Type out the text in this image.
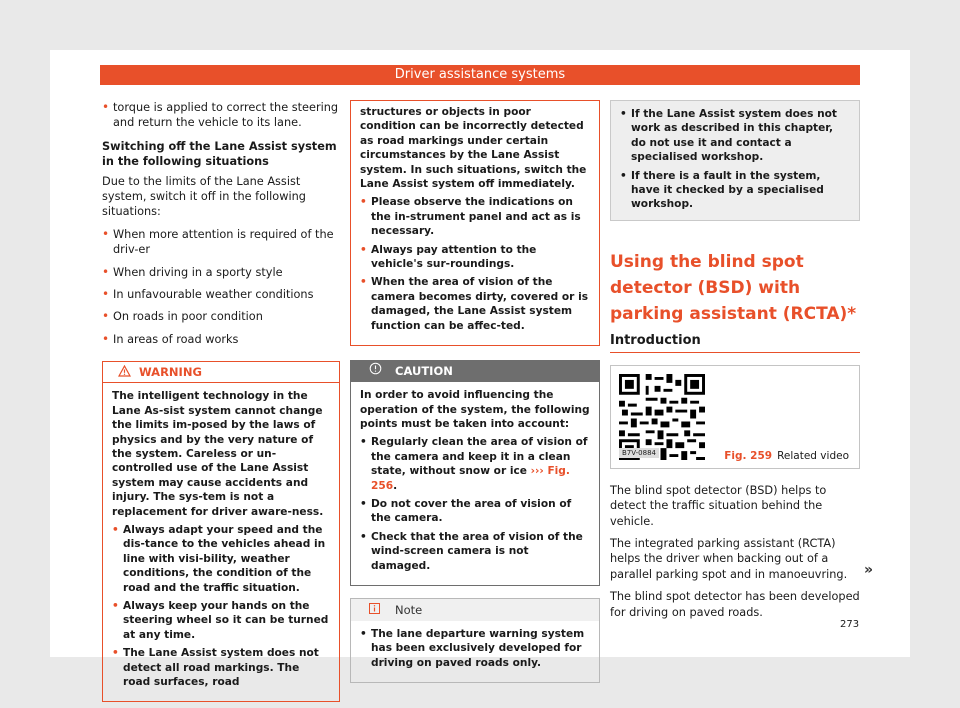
Driver assistance systems

• torque is applied to correct the steering and return the vehicle to its lane.

Switching off the Lane Assist system in the following situations

Due to the limits of the Lane Assist system, switch it off in the following situations:

• When more attention is required of the driv-er

• When driving in a sporty style

• In unfavourable weather conditions

• On roads in poor condition

• In areas of road works

WARNING

The intelligent technology in the Lane As-sist system cannot change the limits im-posed by the laws of physics and by the very nature of the system. Careless or un-controlled use of the Lane Assist system may cause accidents and injury. The sys-tem is not a replacement for driver aware-ness.

• Always adapt your speed and the dis-tance to the vehicles ahead in line with visi-bility, weather conditions, the condition of the road and the traffic situation.

• Always keep your hands on the steering wheel so it can be turned at any time.

• The Lane Assist system does not detect all road markings. The road surfaces, road

structures or objects in poor condition can be incorrectly detected as road markings under certain circumstances by the Lane Assist system. In such situations, switch the Lane Assist system off immediately.

• Please observe the indications on the in-strument panel and act as is necessary.

• Always pay attention to the vehicle's sur-roundings.

• When the area of vision of the camera becomes dirty, covered or is damaged, the Lane Assist system function can be affec-ted.

CAUTION

In order to avoid influencing the operation of the system, the following points must be taken into account:

• Regularly clean the area of vision of the camera and keep it in a clean state, without snow or ice ››› Fig. 256.

• Do not cover the area of vision of the camera.

• Check that the area of vision of the wind-screen camera is not damaged.

Note

• The lane departure warning system has been exclusively developed for driving on paved roads only.

• If the Lane Assist system does not work as described in this chapter, do not use it and contact a specialised workshop.

• If there is a fault in the system, have it checked by a specialised workshop.

Using the blind spot detector (BSD) with parking assistant (RCTA)*
Introduction
B7V-0884	Fig. 259 Related video

The blind spot detector (BSD) helps to detect the traffic situation behind the vehicle.

The integrated parking assistant (RCTA) helps the driver when backing out of a parallel parking spot and in manoeuvring.

The blind spot detector has been developed for driving on paved roads.

»
273
